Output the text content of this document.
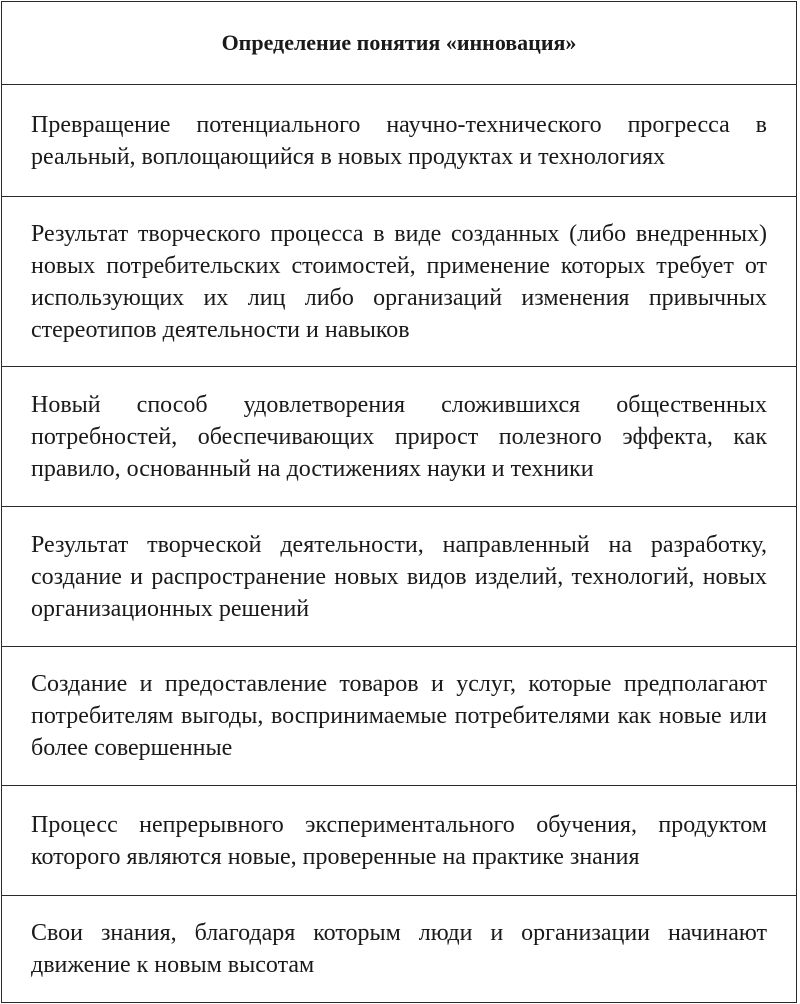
Определение понятия «инновация»
Превращение потенциального научно-технического прогресса в реальный, воплощающийся в новых продуктах и технологиях
Результат творческого процесса в виде созданных (либо внедренных) новых потребительских стоимостей, применение которых требует от использующих их лиц либо организаций изменения привычных стереотипов деятельности и навыков
Новый способ удовлетворения сложившихся общественных потребностей, обеспечивающих прирост полезного эффекта, как правило, основанный на достижениях науки и техники
Результат творческой деятельности, направленный на разработку, создание и распространение новых видов изделий, технологий, новых организационных решений
Создание и предоставление товаров и услуг, которые предполагают потребителям выгоды, воспринимаемые потребителями как новые или более совершенные
Процесс непрерывного экспериментального обучения, продуктом которого являются новые, проверенные на практике знания
Свои знания, благодаря которым люди и организации начинают движение к новым высотам
